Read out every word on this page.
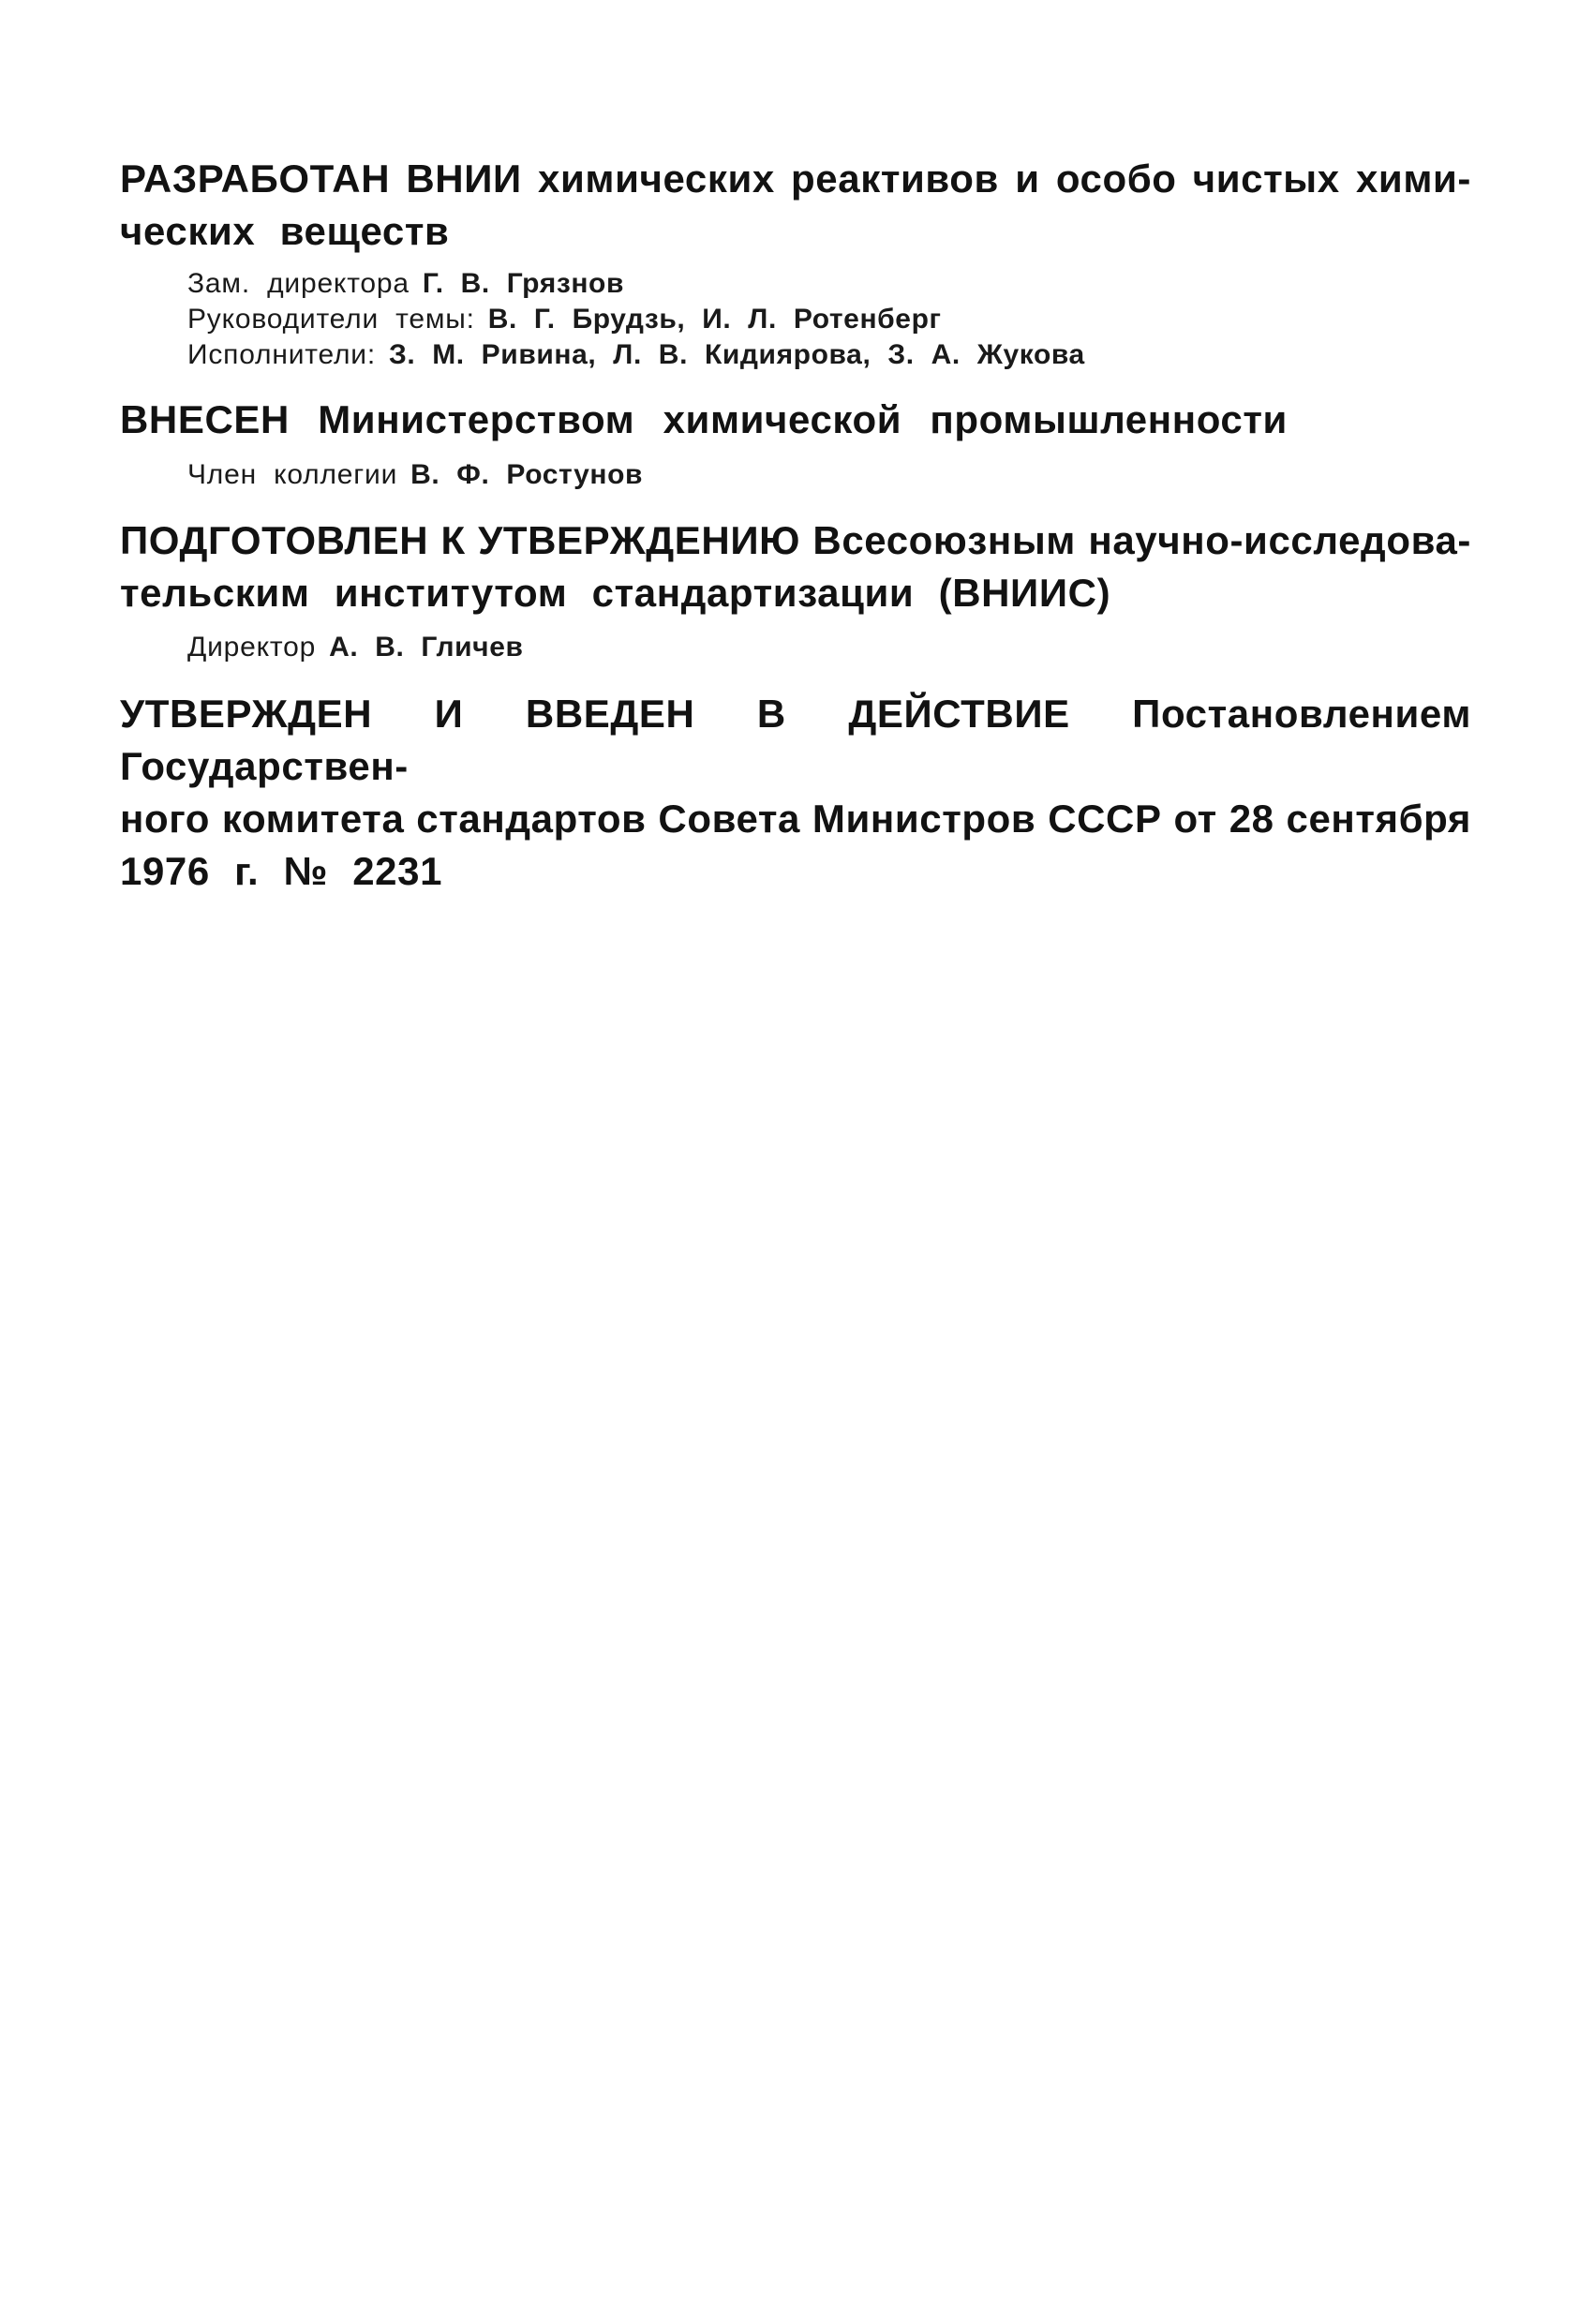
РАЗРАБОТАН ВНИИ химических реактивов и особо чистых хими-
ческих веществ

Зам. директора Г. В. Грязнов
Руководители темы: В. Г. Брудзь, И. Л. Ротенберг
Исполнители: З. М. Ривина, Л. В. Кидиярова, З. А. Жукова

ВНЕСЕН Министерством химической промышленности

Член коллегии В. Ф. Ростунов

ПОДГОТОВЛЕН К УТВЕРЖДЕНИЮ Всесоюзным научно-исследова-
тельским институтом стандартизации (ВНИИС)

Директор А. В. Гличев

УТВЕРЖДЕН И ВВЕДЕН В ДЕЙСТВИЕ Постановлением Государствен-
ного комитета стандартов Совета Министров СССР от 28 сентября
1976 г. № 2231
